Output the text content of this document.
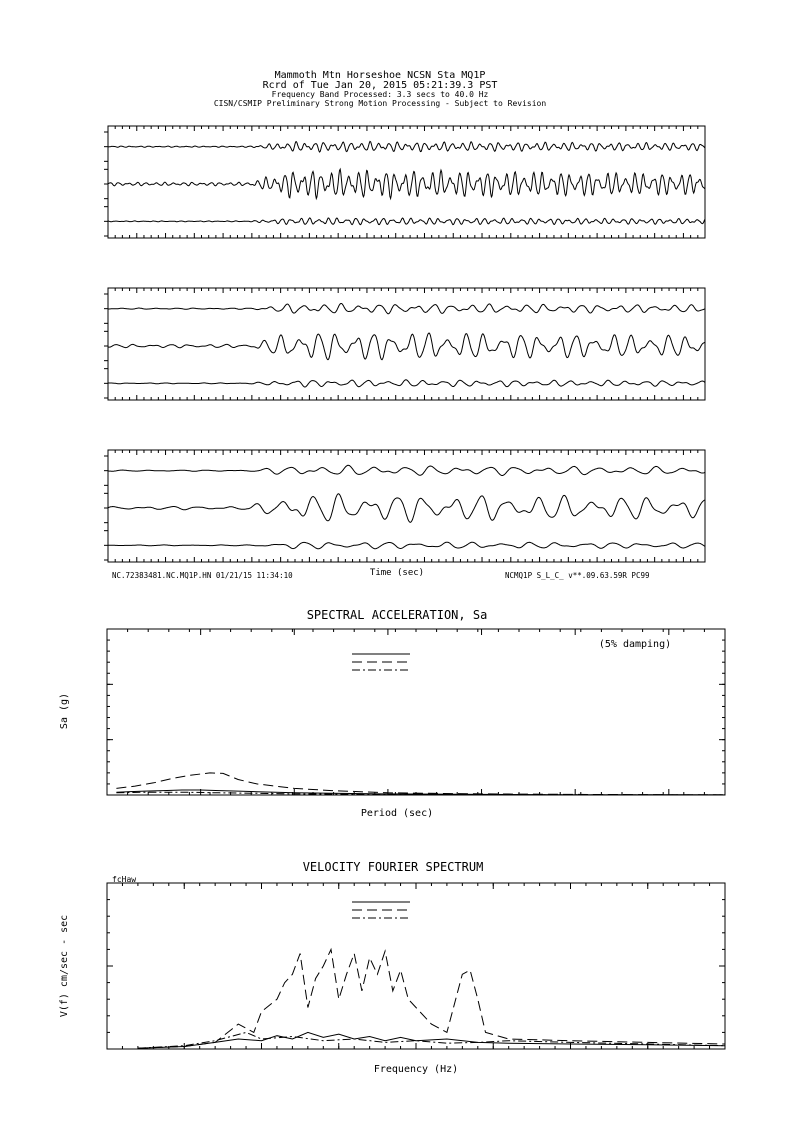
Mammoth Mtn Horseshoe NCSN Sta MQ1P
Rcrd of Tue Jan 20, 2015 05:21:39.3 PST
Frequency Band Processed: 3.3 secs to 40.0 Hz
CISN/CSMIP Preliminary Strong Motion Processing - Subject to Revision
Time (sec)
NC.72383481.NC.MQ1P.HN 01/21/15 11:34:10	NCMQ1P S_L_C_ v**.09.63.59R PC99
SPECTRAL ACCELERATION, Sa
(5% damping)
Period (sec)
Sa (g)
VELOCITY FOURIER SPECTRUM
fcHaw
Frequency (Hz)
V(f) cm/sec - sec
